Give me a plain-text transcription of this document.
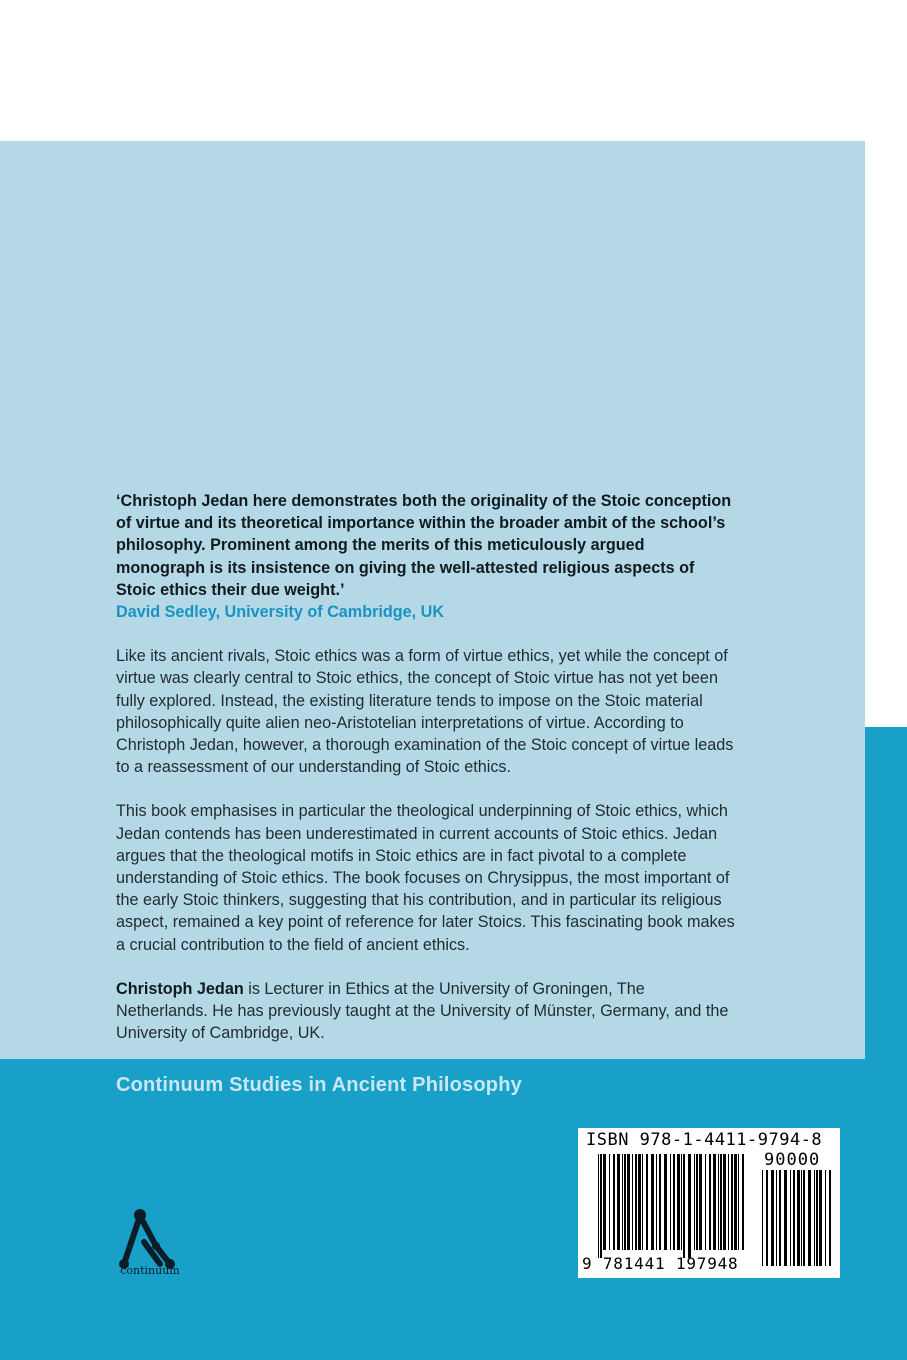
‘Christoph Jedan here demonstrates both the originality of the Stoic conception of virtue and its theoretical importance within the broader ambit of the school’s philosophy. Prominent among the merits of this meticulously argued monograph is its insistence on giving the well-attested religious aspects of Stoic ethics their due weight.’

David Sedley, University of Cambridge, UK

Like its ancient rivals, Stoic ethics was a form of virtue ethics, yet while the concept of virtue was clearly central to Stoic ethics, the concept of Stoic virtue has not yet been fully explored. Instead, the existing literature tends to impose on the Stoic material philosophically quite alien neo-Aristotelian interpretations of virtue. According to Christoph Jedan, however, a thorough examination of the Stoic concept of virtue leads to a reassessment of our understanding of Stoic ethics.

This book emphasises in particular the theological underpinning of Stoic ethics, which Jedan contends has been underestimated in current accounts of Stoic ethics. Jedan argues that the theological motifs in Stoic ethics are in fact pivotal to a complete understanding of Stoic ethics. The book focuses on Chrysippus, the most important of the early Stoic thinkers, suggesting that his contribution, and in particular its religious aspect, remained a key point of reference for later Stoics. This fascinating book makes a crucial contribution to the field of ancient ethics.

Christoph Jedan is Lecturer in Ethics at the University of Groningen, The Netherlands. He has previously taught at the University of Münster, Germany, and the University of Cambridge, UK.

Continuum Studies in Ancient Philosophy
continuum
ISBN 978-1-4411-9794-8
90000
9 781441 197948
